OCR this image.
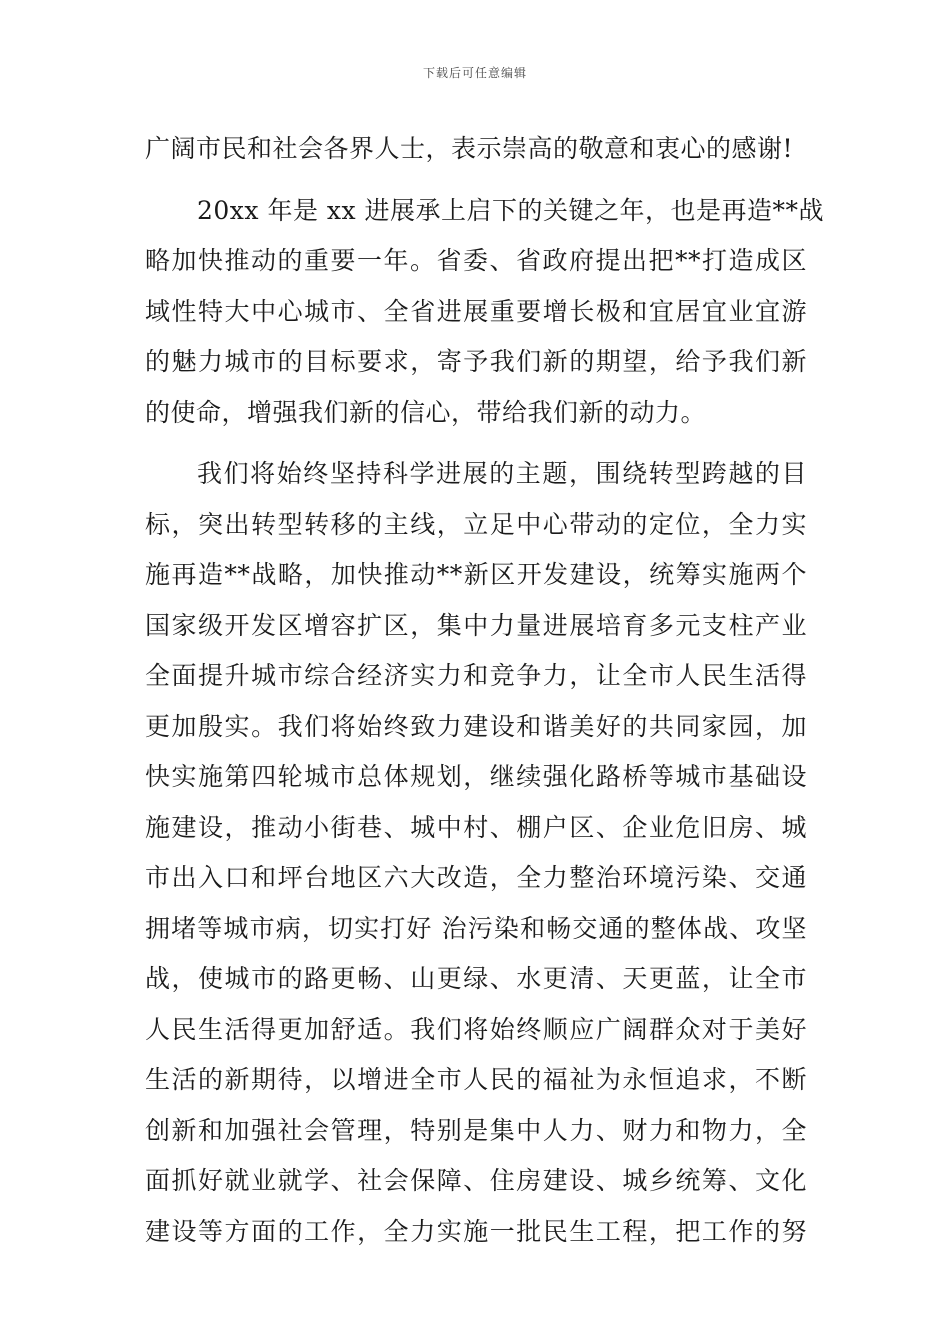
下载后可任意编辑
广阔市民和社会各界人士，表示崇高的敬意和衷心的感谢!
20xx 年是 xx 进展承上启下的关键之年，也是再造**战
略加快推动的重要一年。省委、省政府提出把**打造成区
域性特大中心城市、全省进展重要增长极和宜居宜业宜游
的魅力城市的目标要求，寄予我们新的期望，给予我们新
的使命，增强我们新的信心，带给我们新的动力。
我们将始终坚持科学进展的主题，围绕转型跨越的目
标，突出转型转移的主线，立足中心带动的定位，全力实
施再造**战略，加快推动**新区开发建设，统筹实施两个
国家级开发区增容扩区，集中力量进展培育多元支柱产业
全面提升城市综合经济实力和竞争力，让全市人民生活得
更加殷实。我们将始终致力建设和谐美好的共同家园，加
快实施第四轮城市总体规划，继续强化路桥等城市基础设
施建设，推动小街巷、城中村、棚户区、企业危旧房、城
市出入口和坪台地区六大改造，全力整治环境污染、交通
拥堵等城市病，切实打好 治污染和畅交通的整体战、攻坚
战，使城市的路更畅、山更绿、水更清、天更蓝，让全市
人民生活得更加舒适。我们将始终顺应广阔群众对于美好
生活的新期待，以增进全市人民的福祉为永恒追求，不断
创新和加强社会管理，特别是集中人力、财力和物力，全
面抓好就业就学、社会保障、住房建设、城乡统筹、文化
建设等方面的工作，全力实施一批民生工程，把工作的努
